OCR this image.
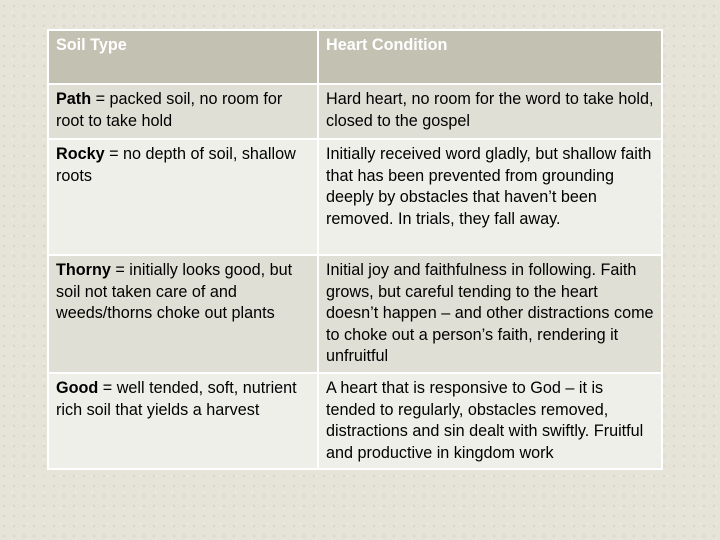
Soil Type	Heart Condition
Path = packed soil, no room for root to take hold	Hard heart, no room for the word to take hold, closed to the gospel
Rocky = no depth of soil, shallow roots	Initially received word gladly, but shallow faith that has been prevented from grounding deeply by obstacles that haven’t been removed. In trials, they fall away.
Thorny = initially looks good, but soil not taken care of and weeds/thorns choke out plants	Initial joy and faithfulness in following. Faith grows, but careful tending to the heart doesn’t happen – and other distractions come to choke out a person’s faith, rendering it unfruitful
Good = well tended, soft, nutrient rich soil that yields a harvest	A heart that is responsive to God – it is tended to regularly, obstacles removed, distractions and sin dealt with swiftly. Fruitful and productive in kingdom work
